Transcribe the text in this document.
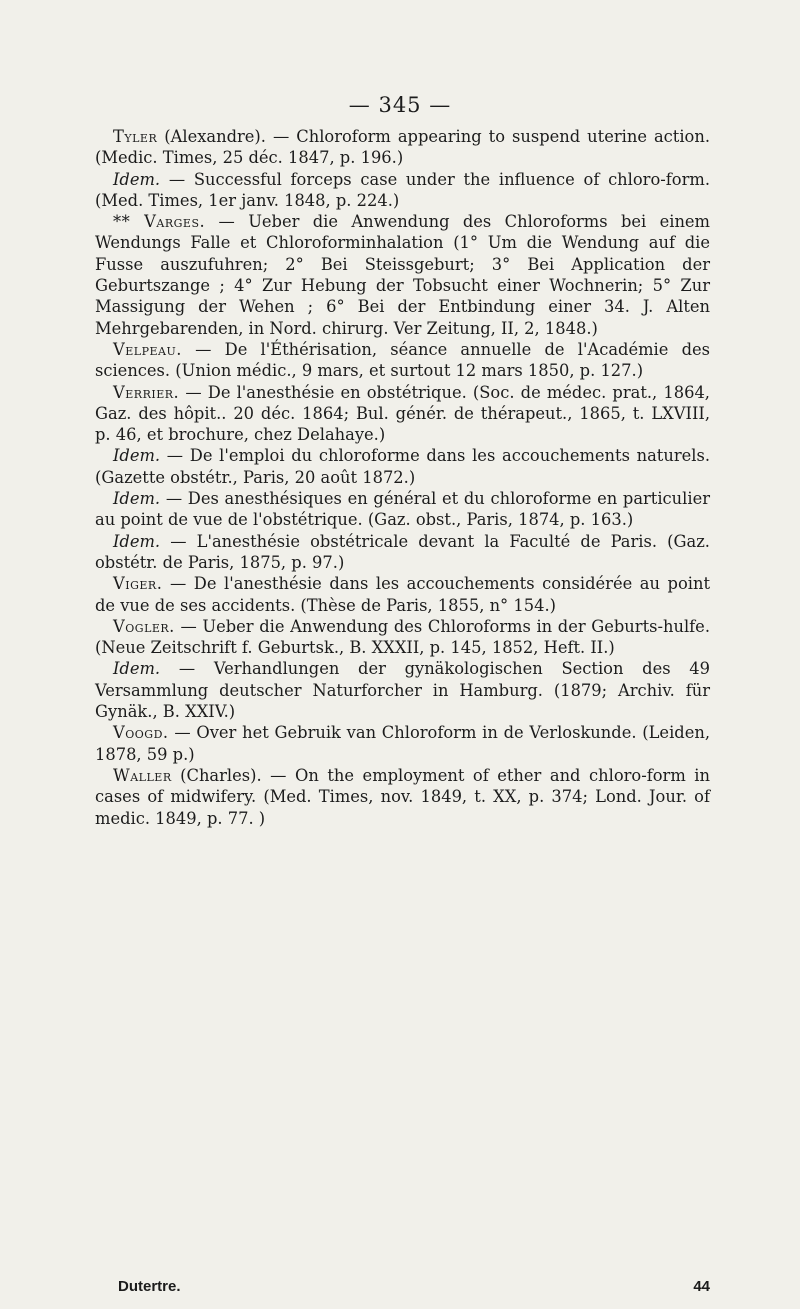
— 345 —

Tyler (Alexandre). — Chloroform appearing to suspend uterine action. (Medic. Times, 25 déc. 1847, p. 196.)

Idem. — Successful forceps case under the influence of chloro-form. (Med. Times, 1er janv. 1848, p. 224.)

** Varges. — Ueber die Anwendung des Chloroforms bei einem Wendungs Falle et Chloroforminhalation (1° Um die Wendung auf die Fusse auszufuhren; 2° Bei Steissgeburt; 3° Bei Application der Geburtszange ; 4° Zur Hebung der Tobsucht einer Wochnerin; 5° Zur Massigung der Wehen ; 6° Bei der Entbindung einer 34. J. Alten Mehrgebarenden, in Nord. chirurg. Ver Zeitung, II, 2, 1848.)

Velpeau. — De l'Éthérisation, séance annuelle de l'Académie des sciences. (Union médic., 9 mars, et surtout 12 mars 1850, p. 127.)

Verrier. — De l'anesthésie en obstétrique. (Soc. de médec. prat., 1864, Gaz. des hôpit.. 20 déc. 1864; Bul. génér. de thérapeut., 1865, t. LXVIII, p. 46, et brochure, chez Delahaye.)

Idem. — De l'emploi du chloroforme dans les accouchements naturels. (Gazette obstétr., Paris, 20 août 1872.)

Idem. — Des anesthésiques en général et du chloroforme en particulier au point de vue de l'obstétrique. (Gaz. obst., Paris, 1874, p. 163.)

Idem. — L'anesthésie obstétricale devant la Faculté de Paris. (Gaz. obstétr. de Paris, 1875, p. 97.)

Viger. — De l'anesthésie dans les accouchements considérée au point de vue de ses accidents. (Thèse de Paris, 1855, n° 154.)

Vogler. — Ueber die Anwendung des Chloroforms in der Geburts-hulfe. (Neue Zeitschrift f. Geburtsk., B. XXXII, p. 145, 1852, Heft. II.)

Idem. — Verhandlungen der gynäkologischen Section des 49 Versammlung deutscher Naturforcher in Hamburg. (1879; Archiv. für Gynäk., B. XXIV.)

Voogd. — Over het Gebruik van Chloroform in de Verloskunde. (Leiden, 1878, 59 p.)

Waller (Charles). — On the employment of ether and chloro-form in cases of midwifery. (Med. Times, nov. 1849, t. XX, p. 374; Lond. Jour. of medic. 1849, p. 77. )

Dutertre.	44
